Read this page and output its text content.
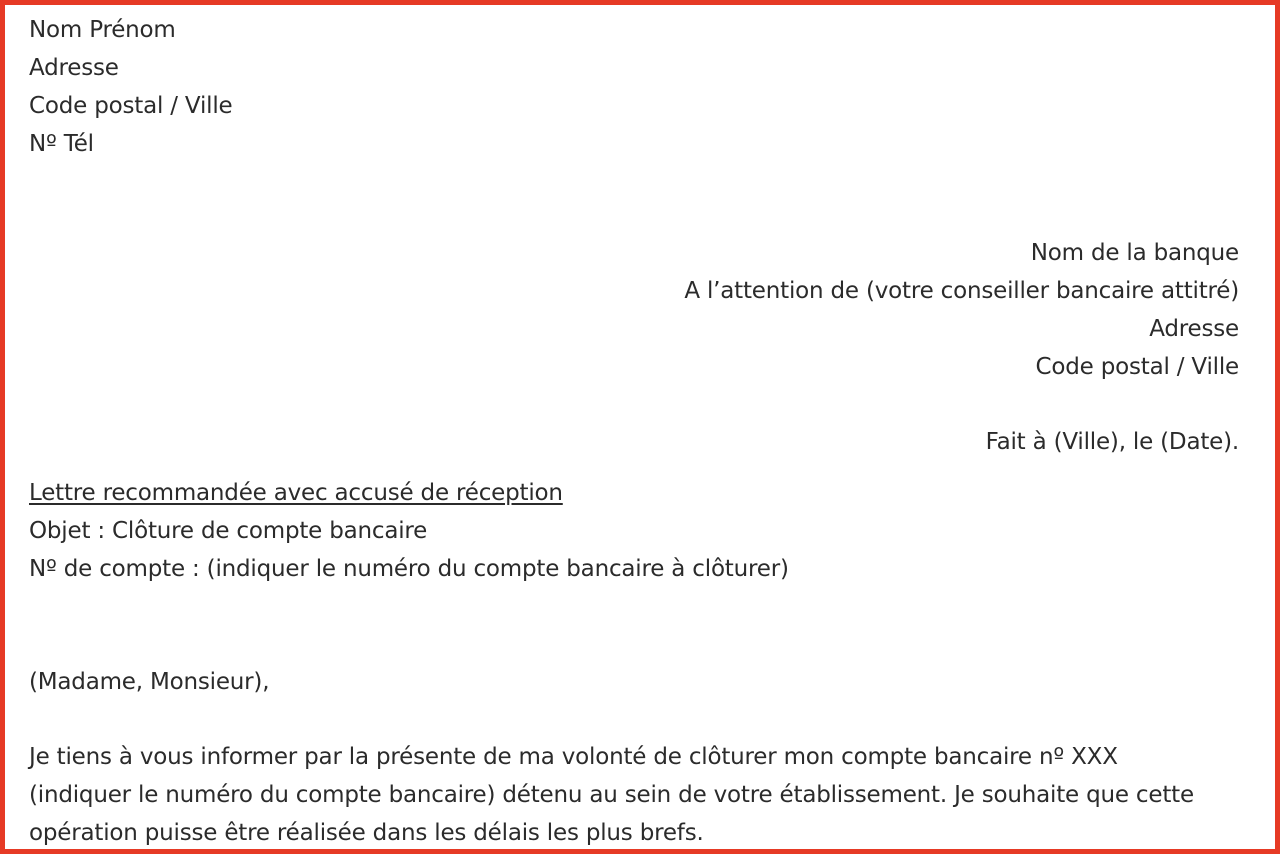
Nom Prénom
Adresse
Code postal / Ville
Nº Tél
Nom de la banque
A l’attention de (votre conseiller bancaire attitré)
Adresse
Code postal / Ville
Fait à (Ville), le (Date).
Lettre recommandée avec accusé de réception
Objet : Clôture de compte bancaire
Nº de compte : (indiquer le numéro du compte bancaire à clôturer)
(Madame, Monsieur),
Je tiens à vous informer par la présente de ma volonté de clôturer mon compte bancaire nº XXX
(indiquer le numéro du compte bancaire) détenu au sein de votre établissement. Je souhaite que cette
opération puisse être réalisée dans les délais les plus brefs.
